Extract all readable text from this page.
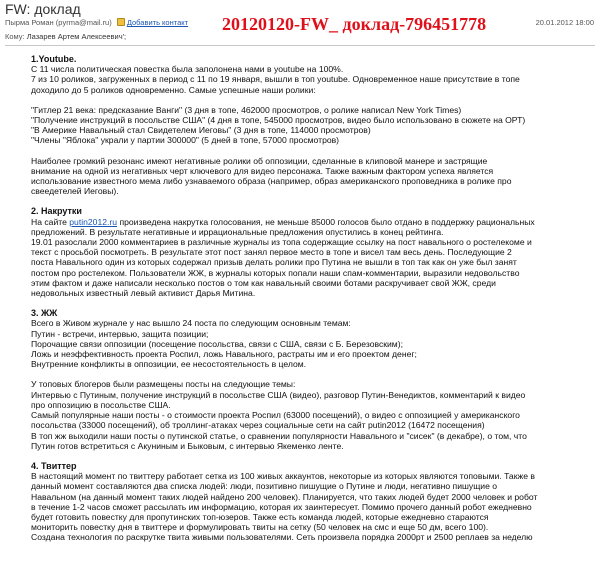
FW: доклад
Пырма Роман (pyrma@mail.ru) Добавить контакт	20.01.2012 18:00
Кому: Лазарев Артем Алексеевич';
20120120-FW_ доклад-796451778

1.Youtube.

С 11 числа политическая повестка была заполонена нами в youtube на 100%.

7 из 10 роликов, загруженных в период с 11 по 19 января, вышли в топ youtube. Одновременное наше присутствие в топе

доходило до 5 роликов одновременно. Самые успешные наши ролики:

"Гитлер 21 века: предсказание Ванги" (3 дня в топе, 462000 просмотров, о ролике написал New York Times)

"Получение инструкций в посольстве США" (4 дня в топе, 545000 просмотров, видео было использовано в сюжете на ОРТ)

"В Америке Навальный стал Свидетелем Иеговы" (3 дня в топе, 114000 просмотров)

"Члены "Яблока" украли у партии 300000" (5 дней в топе, 57000 просмотров)

Наиболее громкий резонанс имеют негативные ролики об оппозиции, сделанные в клиповой манере и застрящие

внимание на одной из негативных черт ключевого для видео персонажа. Также важным фактором успеха является

использование известного мема либо узнаваемого образа (например, образ американского проповедника в ролике про

свеедетелей Иеговы).

2. Накрутки

На сайте putin2012.ru произведена накрутка голосования, не меньше 85000 голосов было отдано в поддержку рациональных

предложений. В результате негативные и иррациональные предложения опустились в конец рейтинга.

19.01 разослали 2000 комментариев в различные журналы из топа содержащие ссылку на пост навального о ростелекоме и

текст с просьбой посмотреть. В результате этот пост занял первое место в топе и висел там весь день. Последующие 2

поста Навального один из которых содержал призыв делать ролики про Путина не вышли в топ так как он уже был занят

постом про ростелеком. Пользователи ЖЖ, в журналы которых попали наши спам-комментарии, выразили недовольство

этим фактом и даже написали несколько постов о том как навальный своими ботами раскручивает свой ЖЖ, среди

недовольных известный левый активист Дарья Митина.

3. ЖЖ

Всего в Живом журнале у нас вышло 24 поста по следующим основным темам:

Путин - встречи, интервью, защита позиции;

Порочащие связи оппозиции (посещение посольства, связи с США, связи с Б. Березовским);

Ложь и неэффективность проекта Роспил, ложь Навального, растраты им и его проектом денег;

Внутренние конфликты в оппозиции, ее несостоятельность в целом.

У топовых блогеров были размещены посты на следующие темы:

Интервью с Путиным, получение инструкций в посольстве США (видео), разговор Путин-Венедиктов, комментарий к видео

про оппозицию в посольстве США.

Самый популярные наши посты - о стоимости проекта Роспил (63000 посещений), о видео с оппозицией у американского

посольства (33000 посещений), об троллинг-атаках через социальные сети на сайт putin2012 (16472 посещения)

В топ жж выходили наши посты о путинской статье, о сравнении популярности Навального и "сисек" (в декабре), о том, что

Путин готов встретиться с Акуниным и Быковым, с интервью Якеменко ленте.

4. Твиттер

В настоящий момент по твиттеру работает сетка из 100 живых аккаунтов, некоторые из которых являются топовыми. Также в

данный момент составляются два списка людей: люди, позитивно пишущие о Путине и люди, негативно пишущие о

Навальном (на данный момент таких людей найдено 200 человек). Планируется, что таких людей будет 2000 человек и робот

в течение 1-2 часов сможет рассылать им информацию, которая их заинтересует. Помимо прочего данный робот ежедневно

будет готовить повестку для пропутинских топ-юзеров. Также есть команда людей, которые ежедневно стараются

мониторить повестку дня в твиттере и формулировать твиты на сетку (50 человек на смс и еще 50 дм, всего 100).

Создана технология по раскрутке твита живыми пользователями. Сеть произвела порядка 2000рт и 2500 реплаев за неделю
